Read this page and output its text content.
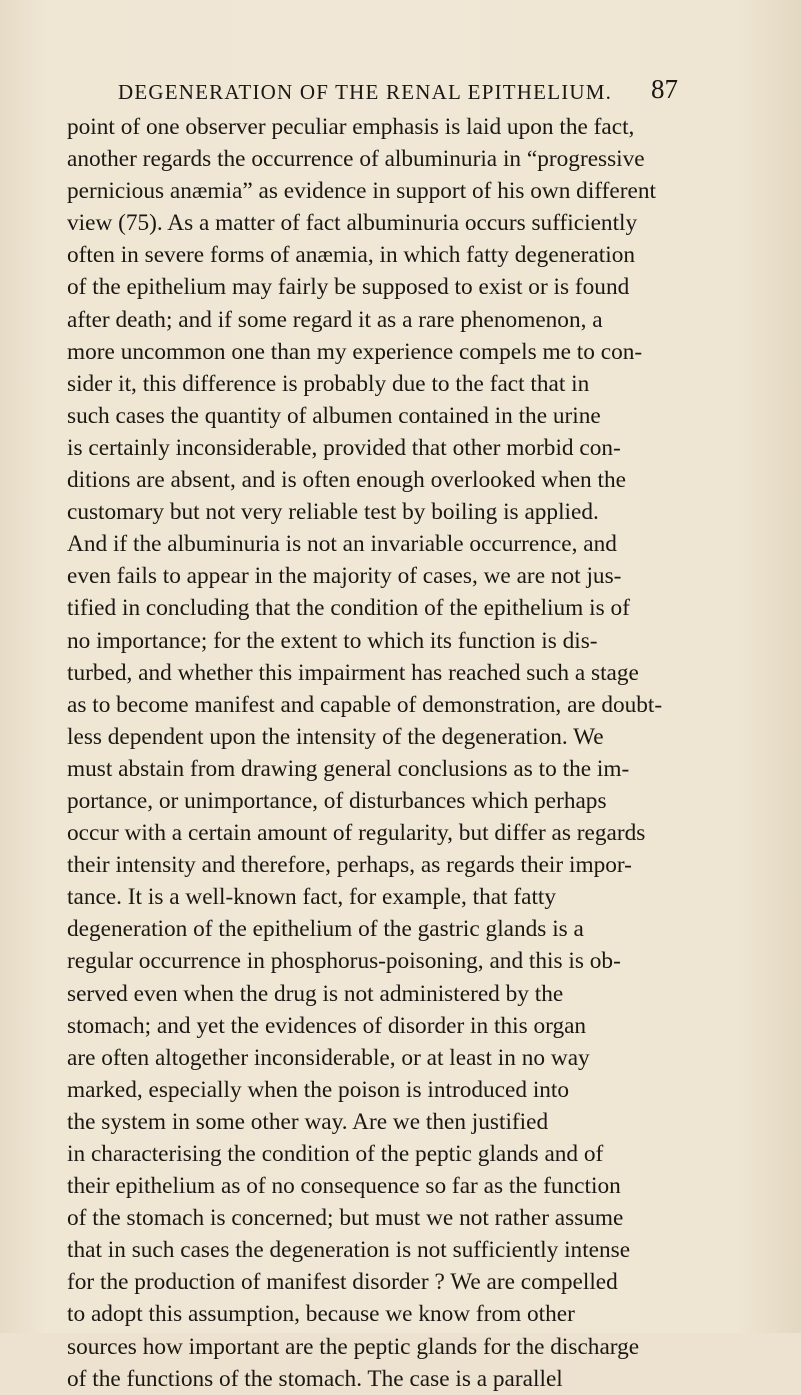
DEGENERATION OF THE RENAL EPITHELIUM. 87
point of one observer peculiar emphasis is laid upon the fact,
another regards the occurrence of albuminuria in “progressive
pernicious anæmia” as evidence in support of his own different
view (75). As a matter of fact albuminuria occurs sufficiently
often in severe forms of anæmia, in which fatty degeneration
of the epithelium may fairly be supposed to exist or is found
after death; and if some regard it as a rare phenomenon, a
more uncommon one than my experience compels me to con-
sider it, this difference is probably due to the fact that in
such cases the quantity of albumen contained in the urine
is certainly inconsiderable, provided that other morbid con-
ditions are absent, and is often enough overlooked when the
customary but not very reliable test by boiling is applied.
And if the albuminuria is not an invariable occurrence, and
even fails to appear in the majority of cases, we are not jus-
tified in concluding that the condition of the epithelium is of
no importance; for the extent to which its function is dis-
turbed, and whether this impairment has reached such a stage
as to become manifest and capable of demonstration, are doubt-
less dependent upon the intensity of the degeneration. We
must abstain from drawing general conclusions as to the im-
portance, or unimportance, of disturbances which perhaps
occur with a certain amount of regularity, but differ as regards
their intensity and therefore, perhaps, as regards their impor-
tance. It is a well-known fact, for example, that fatty
degeneration of the epithelium of the gastric glands is a
regular occurrence in phosphorus-poisoning, and this is ob-
served even when the drug is not administered by the
stomach; and yet the evidences of disorder in this organ
are often altogether inconsiderable, or at least in no way
marked, especially when the poison is introduced into
the system in some other way. Are we then justified
in characterising the condition of the peptic glands and of
their epithelium as of no consequence so far as the function
of the stomach is concerned; but must we not rather assume
that in such cases the degeneration is not sufficiently intense
for the production of manifest disorder ? We are compelled
to adopt this assumption, because we know from other
sources how important are the peptic glands for the discharge
of the functions of the stomach. The case is a parallel
